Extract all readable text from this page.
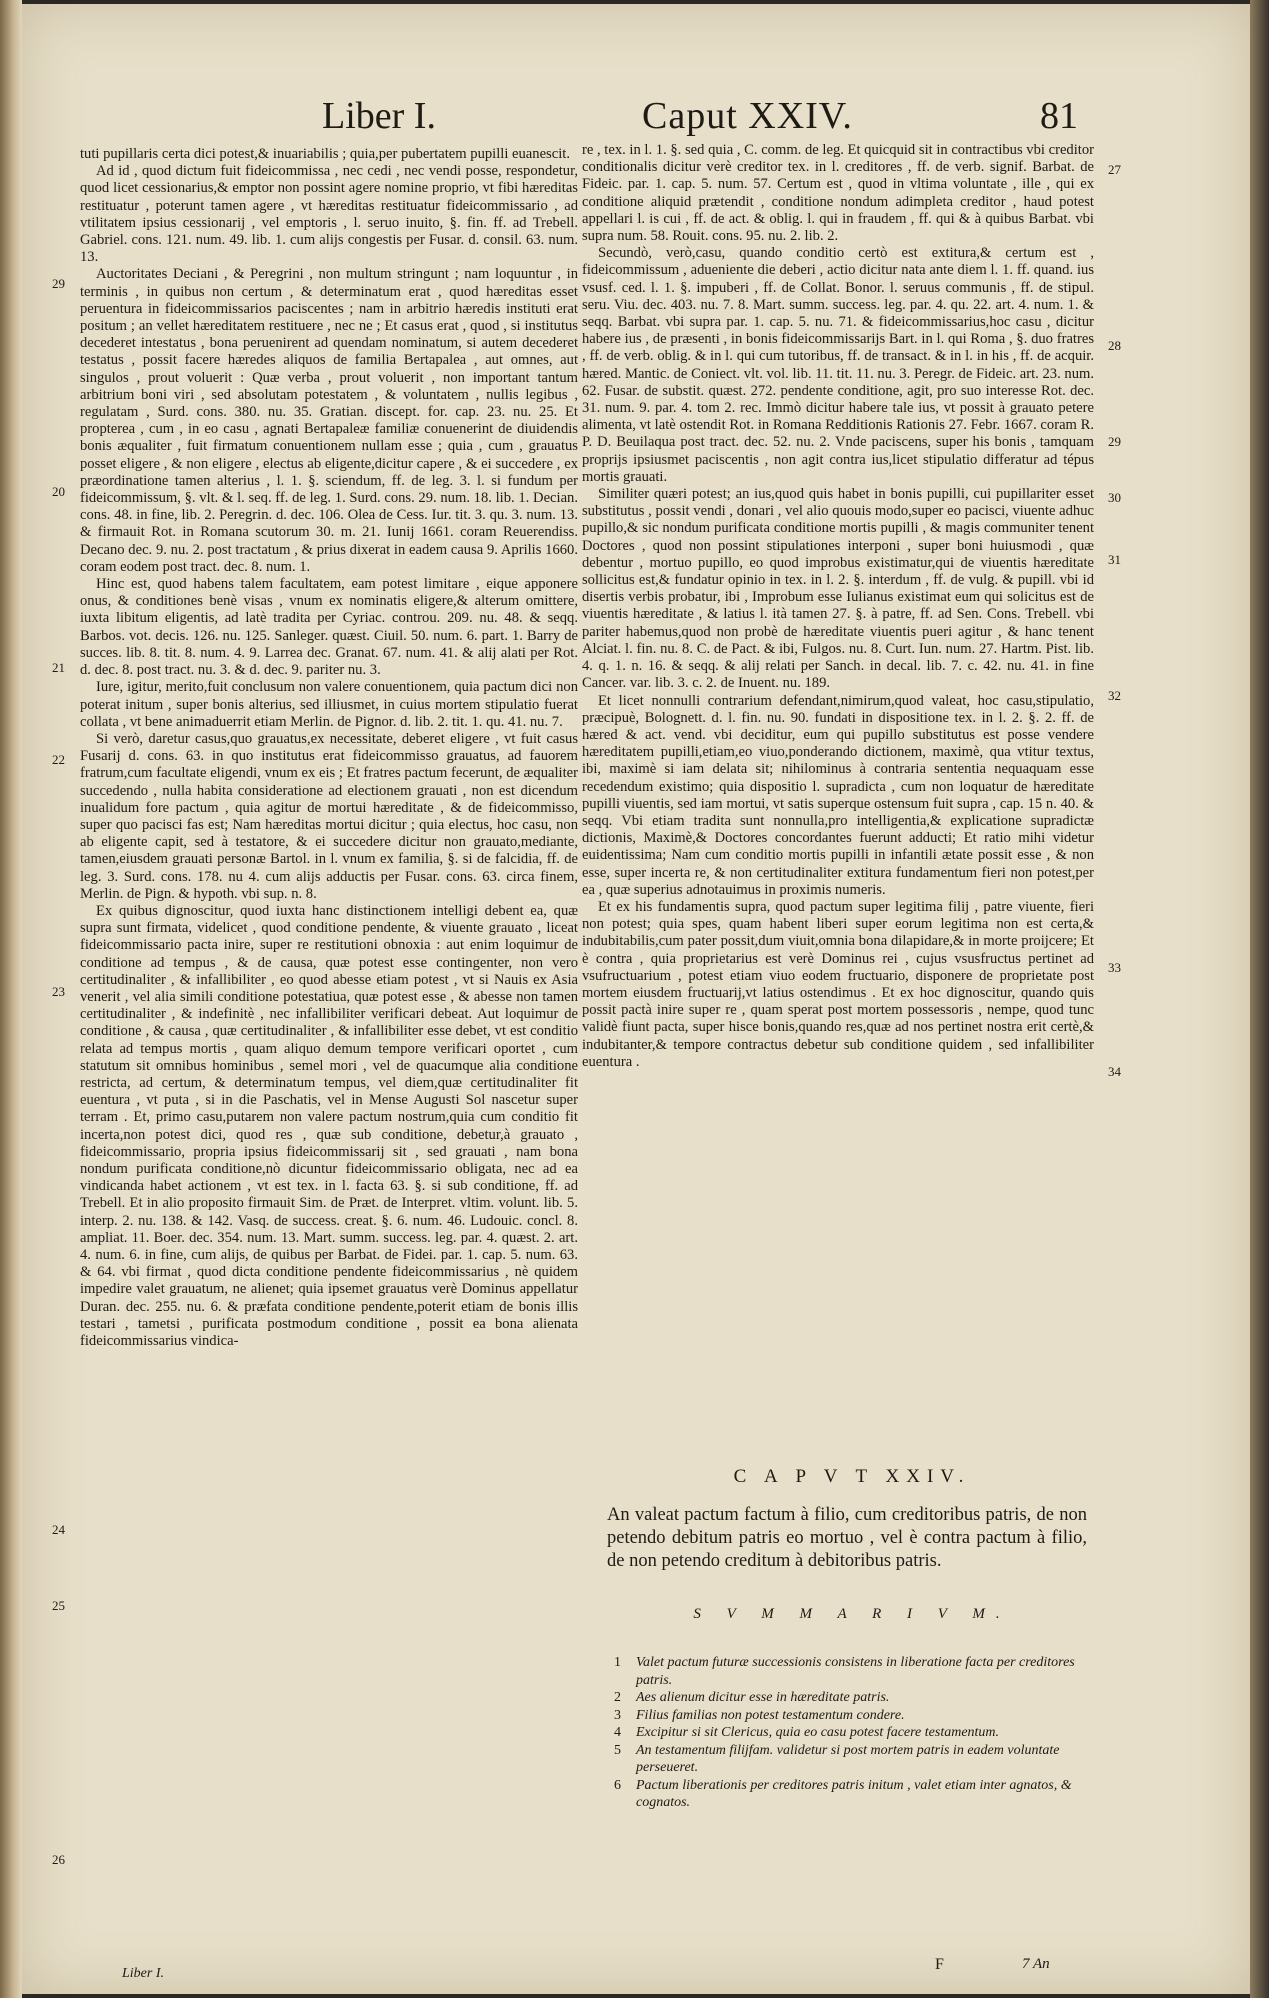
Liber I.	Caput XXIV.	81

tuti pupillaris certa dici potest,& inuariabilis ; quia,per pubertatem pupilli euanescit.

Ad id , quod dictum fuit fideicommissa , nec cedi , nec vendi posse, respondetur, quod licet cessionarius,& emptor non possint agere nomine proprio, vt fibi hæreditas restituatur , poterunt tamen agere , vt hæreditas restituatur fideicommissario , ad vtilitatem ipsius cessionarij , vel emptoris , l. seruo inuito, §. fin. ff. ad Trebell. Gabriel. cons. 121. num. 49. lib. 1. cum alijs congestis per Fusar. d. consil. 63. num. 13.

Auctoritates Deciani , & Peregrini , non multum stringunt ; nam loquuntur , in terminis , in quibus non certum , & determinatum erat , quod hæreditas esset peruentura in fideicommissarios paciscentes ; nam in arbitrio hæredis instituti erat positum ; an vellet hæreditatem restituere , nec ne ; Et casus erat , quod , si institutus decederet intestatus , bona peruenirent ad quendam nominatum, si autem decederet testatus , possit facere hæredes aliquos de familia Bertapalea , aut omnes, aut singulos , prout voluerit : Quæ verba , prout voluerit , non important tantum arbitrium boni viri , sed absolutam potestatem , & voluntatem , nullis legibus , regulatam , Surd. cons. 380. nu. 35. Gratian. discept. for. cap. 23. nu. 25. Et propterea , cum , in eo casu , agnati Bertapaleæ familiæ conuenerint de diuidendis bonis æqualiter , fuit firmatum conuentionem nullam esse ; quia , cum , grauatus posset eligere , & non eligere , electus ab eligente,dicitur capere , & ei succedere , ex præordinatione tamen alterius , l. 1. §. sciendum, ff. de leg. 3. l. si fundum per fideicommissum, §. vlt. & l. seq. ff. de leg. 1. Surd. cons. 29. num. 18. lib. 1. Decian. cons. 48. in fine, lib. 2. Peregrin. d. dec. 106. Olea de Cess. Iur. tit. 3. qu. 3. num. 13. & firmauit Rot. in Romana scutorum 30. m. 21. Iunij 1661. coram Reuerendiss. Decano dec. 9. nu. 2. post tractatum , & prius dixerat in eadem causa 9. Aprilis 1660. coram eodem post tract. dec. 8. num. 1.

Hinc est, quod habens talem facultatem, eam potest limitare , eique apponere onus, & conditiones benè visas , vnum ex nominatis eligere,& alterum omittere, iuxta libitum eligentis, ad latè tradita per Cyriac. controu. 209. nu. 48. & seqq. Barbos. vot. decis. 126. nu. 125. Sanleger. quæst. Ciuil. 50. num. 6. part. 1. Barry de succes. lib. 8. tit. 8. num. 4. 9. Larrea dec. Granat. 67. num. 41. & alij alati per Rot. d. dec. 8. post tract. nu. 3. & d. dec. 9. pariter nu. 3.

Iure, igitur, merito,fuit conclusum non valere conuentionem, quia pactum dici non poterat initum , super bonis alterius, sed illiusmet, in cuius mortem stipulatio fuerat collata , vt bene animaduerrit etiam Merlin. de Pignor. d. lib. 2. tit. 1. qu. 41. nu. 7.

Si verò, daretur casus,quo grauatus,ex necessitate, deberet eligere , vt fuit casus Fusarij d. cons. 63. in quo institutus erat fideicommisso grauatus, ad fauorem fratrum,cum facultate eligendi, vnum ex eis ; Et fratres pactum fecerunt, de æqualiter succedendo , nulla habita consideratione ad electionem grauati , non est dicendum inualidum fore pactum , quia agitur de mortui hæreditate , & de fideicommisso, super quo pacisci fas est; Nam hæreditas mortui dicitur ; quia electus, hoc casu, non ab eligente capit, sed à testatore, & ei succedere dicitur non grauato,mediante, tamen,eiusdem grauati personæ Bartol. in l. vnum ex familia, §. si de falcidia, ff. de leg. 3. Surd. cons. 178. nu 4. cum alijs adductis per Fusar. cons. 63. circa finem, Merlin. de Pign. & hypoth. vbi sup. n. 8.

Ex quibus dignoscitur, quod iuxta hanc distinctionem intelligi debent ea, quæ supra sunt firmata, videlicet , quod conditione pendente, & viuente grauato , liceat fideicommissario pacta inire, super re restitutioni obnoxia : aut enim loquimur de conditione ad tempus , & de causa, quæ potest esse contingenter, non vero certitudinaliter , & infallibiliter , eo quod abesse etiam potest , vt si Nauis ex Asia venerit , vel alia simili conditione potestatiua, quæ potest esse , & abesse non tamen certitudinaliter , & indefinitè , nec infallibiliter verificari debeat. Aut loquimur de conditione , & causa , quæ certitudinaliter , & infallibiliter esse debet, vt est conditio relata ad tempus mortis , quam aliquo demum tempore verificari oportet , cum statutum sit omnibus hominibus , semel mori , vel de quacumque alia conditione restricta, ad certum, & determinatum tempus, vel diem,quæ certitudinaliter fit euentura , vt puta , si in die Paschatis, vel in Mense Augusti Sol nascetur super terram . Et, primo casu,putarem non valere pactum nostrum,quia cum conditio fit incerta,non potest dici, quod res , quæ sub conditione, debetur,à grauato , fideicommissario, propria ipsius fideicommissarij sit , sed grauati , nam bona nondum purificata conditione,nò dicuntur fideicommissario obligata, nec ad ea vindicanda habet actionem , vt est tex. in l. facta 63. §. si sub conditione, ff. ad Trebell. Et in alio proposito firmauit Sim. de Præt. de Interpret. vltim. volunt. lib. 5. interp. 2. nu. 138. & 142. Vasq. de success. creat. §. 6. num. 46. Ludouic. concl. 8. ampliat. 11. Boer. dec. 354. num. 13. Mart. summ. success. leg. par. 4. quæst. 2. art. 4. num. 6. in fine, cum alijs, de quibus per Barbat. de Fidei. par. 1. cap. 5. num. 63. & 64. vbi firmat , quod dicta conditione pendente fideicommissarius , nè quidem impedire valet grauatum, ne alienet; quia ipsemet grauatus verè Dominus appellatur Duran. dec. 255. nu. 6. & præfata conditione pendente,poterit etiam de bonis illis testari , tametsi , purificata postmodum conditione , possit ea bona alienata fideicommissarius vindica-

29
20
21
22
23
24
25
26

re , tex. in l. 1. §. sed quia , C. comm. de leg. Et quicquid sit in contractibus vbi creditor conditionalis dicitur verè creditor tex. in l. creditores , ff. de verb. signif. Barbat. de Fideic. par. 1. cap. 5. num. 57. Certum est , quod in vltima voluntate , ille , qui ex conditione aliquid prætendit , conditione nondum adimpleta creditor , haud potest appellari l. is cui , ff. de act. & oblig. l. qui in fraudem , ff. qui & à quibus Barbat. vbi supra num. 58. Rouit. cons. 95. nu. 2. lib. 2.

Secundò, verò,casu, quando conditio certò est extitura,& certum est , fideicommissum , adueniente die deberi , actio dicitur nata ante diem l. 1. ff. quand. ius vsusf. ced. l. 1. §. impuberi , ff. de Collat. Bonor. l. seruus communis , ff. de stipul. seru. Viu. dec. 403. nu. 7. 8. Mart. summ. success. leg. par. 4. qu. 22. art. 4. num. 1. & seqq. Barbat. vbi supra par. 1. cap. 5. nu. 71. & fideicommissarius,hoc casu , dicitur habere ius , de præsenti , in bonis fideicommissarijs Bart. in l. qui Roma , §. duo fratres , ff. de verb. oblig. & in l. qui cum tutoribus, ff. de transact. & in l. in his , ff. de acquir. hæred. Mantic. de Coniect. vlt. vol. lib. 11. tit. 11. nu. 3. Peregr. de Fideic. art. 23. num. 62. Fusar. de substit. quæst. 272. pendente conditione, agit, pro suo interesse Rot. dec. 31. num. 9. par. 4. tom 2. rec. Immò dicitur habere tale ius, vt possit à grauato petere alimenta, vt latè ostendit Rot. in Romana Redditionis Rationis 27. Febr. 1667. coram R. P. D. Beuilaqua post tract. dec. 52. nu. 2. Vnde paciscens, super his bonis , tamquam proprijs ipsiusmet paciscentis , non agit contra ius,licet stipulatio differatur ad tépus mortis grauati.

Similiter quæri potest; an ius,quod quis habet in bonis pupilli, cui pupillariter esset substitutus , possit vendi , donari , vel alio quouis modo,super eo pacisci, viuente adhuc pupillo,& sic nondum purificata conditione mortis pupilli , & magis communiter tenent Doctores , quod non possint stipulationes interponi , super boni huiusmodi , quæ debentur , mortuo pupillo, eo quod improbus existimatur,qui de viuentis hæreditate sollicitus est,& fundatur opinio in tex. in l. 2. §. interdum , ff. de vulg. & pupill. vbi id disertis verbis probatur, ibi , Improbum esse Iulianus existimat eum qui solicitus est de viuentis hæreditate , & latius l. ità tamen 27. §. à patre, ff. ad Sen. Cons. Trebell. vbi pariter habemus,quod non probè de hæreditate viuentis pueri agitur , & hanc tenent Alciat. l. fin. nu. 8. C. de Pact. & ibi, Fulgos. nu. 8. Curt. Iun. num. 27. Hartm. Pist. lib. 4. q. 1. n. 16. & seqq. & alij relati per Sanch. in decal. lib. 7. c. 42. nu. 41. in fine Cancer. var. lib. 3. c. 2. de Inuent. nu. 189.

Et licet nonnulli contrarium defendant,nimirum,quod valeat, hoc casu,stipulatio, præcipuè, Bolognett. d. l. fin. nu. 90. fundati in dispositione tex. in l. 2. §. 2. ff. de hæred & act. vend. vbi deciditur, eum qui pupillo substitutus est posse vendere hæreditatem pupilli,etiam,eo viuo,ponderando dictionem, maximè, qua vtitur textus, ibi, maximè si iam delata sit; nihilominus à contraria sententia nequaquam esse recedendum existimo; quia dispositio l. supradicta , cum non loquatur de hæreditate pupilli viuentis, sed iam mortui, vt satis superque ostensum fuit supra , cap. 15 n. 40. & seqq. Vbi etiam tradita sunt nonnulla,pro intelligentia,& explicatione supradictæ dictionis, Maximè,& Doctores concordantes fuerunt adducti; Et ratio mihi videtur euidentissima; Nam cum conditio mortis pupilli in infantili ætate possit esse , & non esse, super incerta re, & non certitudinaliter extitura fundamentum fieri non potest,per ea , quæ superius adnotauimus in proximis numeris.

Et ex his fundamentis supra, quod pactum super legitima filij , patre viuente, fieri non potest; quia spes, quam habent liberi super eorum legitima non est certa,& indubitabilis,cum pater possit,dum viuit,omnia bona dilapidare,& in morte proijcere; Et è contra , quia proprietarius est verè Dominus rei , cujus vsusfructus pertinet ad vsufructuarium , potest etiam viuo eodem fructuario, disponere de proprietate post mortem eiusdem fructuarij,vt latius ostendimus . Et ex hoc dignoscitur, quando quis possit pactà inire super re , quam sperat post mortem possessoris , nempe, quod tunc validè fiunt pacta, super hisce bonis,quando res,quæ ad nos pertinet nostra erit certè,& indubitanter,& tempore contractus debetur sub conditione quidem , sed infallibiliter euentura .

27
28
29
30
31
32
33
34
C A P V T XXIV.
An valeat pactum factum à filio, cum creditoribus patris, de non petendo debitum patris eo mortuo , vel è contra pactum à filio, de non petendo creditum à debitoribus patris.
S V M M A R I V M.
1	Valet pactum futuræ successionis consistens in liberatione facta per creditores patris.
2	Aes alienum dicitur esse in hæreditate patris.
3	Filius familias non potest testamentum condere.
4	Excipitur si sit Clericus, quia eo casu potest facere testamentum.
5	An testamentum filijfam. validetur si post mortem patris in eadem voluntate perseueret.
6	Pactum liberationis per creditores patris initum , valet etiam inter agnatos, & cognatos.
Liber I.
F	7 An
